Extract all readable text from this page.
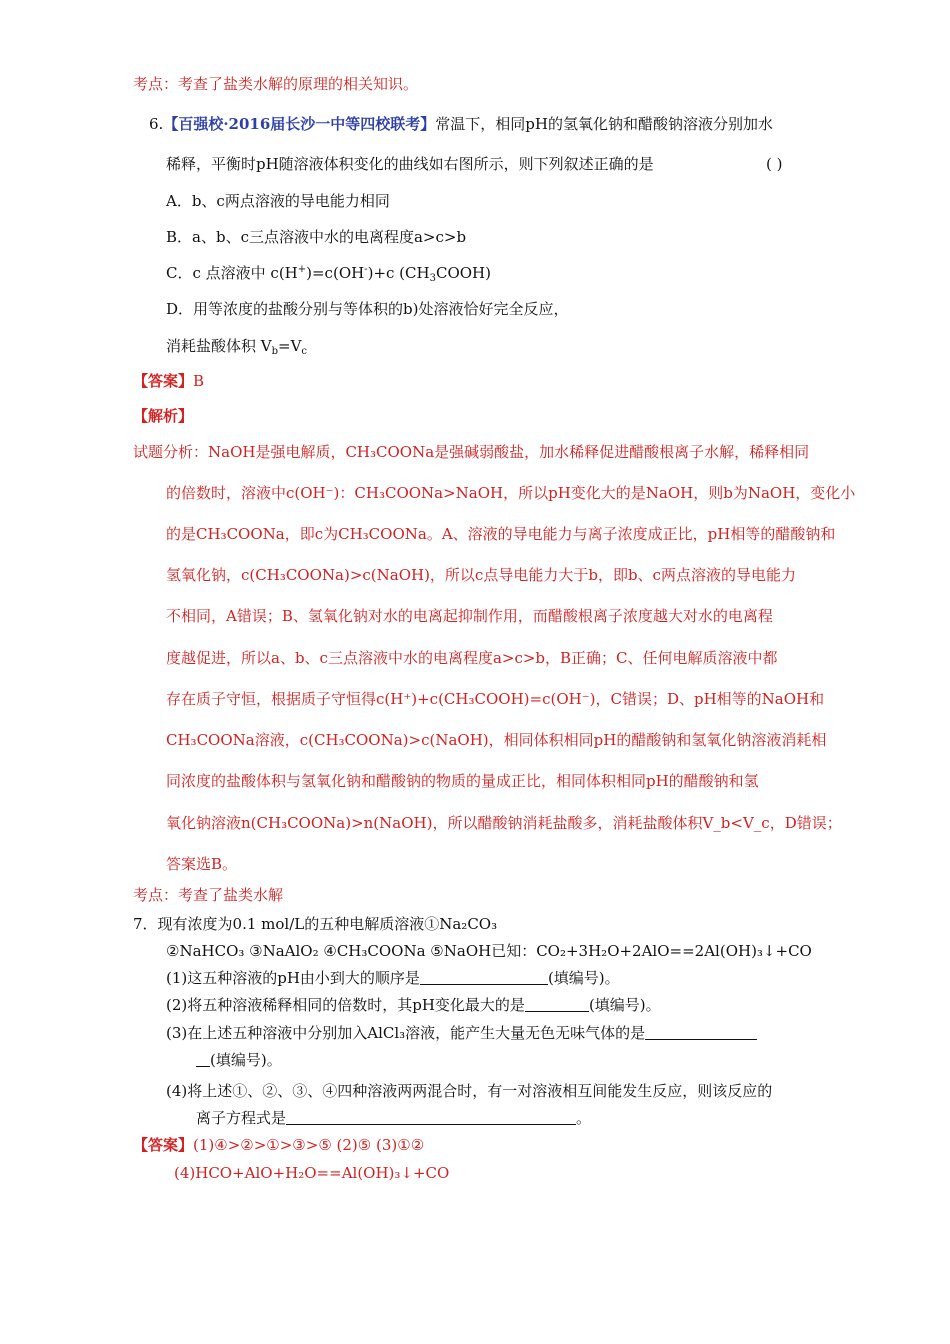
考点：考查了盐类水解的原理的相关知识。
6.【百强校·2016届长沙一中等四校联考】常温下，相同pH的氢氧化钠和醋酸钠溶液分别加水
稀释，平衡时pH随溶液体积变化的曲线如右图所示，则下列叙述正确的是	( )
A．b、c两点溶液的导电能力相同
B．a、b、c三点溶液中水的电离程度a>c>b
C．c 点溶液中 c(H+)=c(OH-)+c $(CH_3COOH)$
D．用等浓度的盐酸分别与等体积的b)处溶液恰好完全反应，
消耗盐酸体积 $V_b=V_c$
【答案】B
【解析】
试题分析：NaOH是强电解质，CH₃COONa是强碱弱酸盐，加水稀释促进醋酸根离子水解，稀释相同
的倍数时，溶液中c(OH⁻)：CH₃COONa>NaOH，所以pH变化大的是NaOH，则b为NaOH，变化小
的是CH₃COONa，即c为CH₃COONa。A、溶液的导电能力与离子浓度成正比，pH相等的醋酸钠和
氢氧化钠，c(CH₃COONa)>c(NaOH)，所以c点导电能力大于b，即b、c两点溶液的导电能力
不相同，A错误；B、氢氧化钠对水的电离起抑制作用，而醋酸根离子浓度越大对水的电离程
度越促进，所以a、b、c三点溶液中水的电离程度a>c>b，B正确；C、任何电解质溶液中都
存在质子守恒，根据质子守恒得c(H⁺)+c(CH₃COOH)=c(OH⁻)，C错误；D、pH相等的NaOH和
CH₃COONa溶液，c(CH₃COONa)>c(NaOH)，相同体积相同pH的醋酸钠和氢氧化钠溶液消耗相
同浓度的盐酸体积与氢氧化钠和醋酸钠的物质的量成正比，相同体积相同pH的醋酸钠和氢
氧化钠溶液n(CH₃COONa)>n(NaOH)，所以醋酸钠消耗盐酸多，消耗盐酸体积V_b<V_c，D错误；
答案选B。
考点：考查了盐类水解
7．现有浓度为0.1 mol/L的五种电解质溶液①Na₂CO₃
②NaHCO₃ ③NaAlO₂ ④CH₃COONa ⑤NaOH已知：CO₂+3H₂O+2AlO==2Al(OH)₃↓+CO
(1)这五种溶液的pH由小到大的顺序是	(填编号)。
(2)将五种溶液稀释相同的倍数时，其pH变化最大的是	(填编号)。
(3)在上述五种溶液中分别加入AlCl₃溶液，能产生大量无色无味气体的是
(填编号)。
(4)将上述①、②、③、④四种溶液两两混合时，有一对溶液相互间能发生反应，则该反应的
离子方程式是	。
【答案】(1)④>②>①>③>⑤ (2)⑤ (3)①②
(4)HCO+AlO+H₂O==Al(OH)₃↓+CO
